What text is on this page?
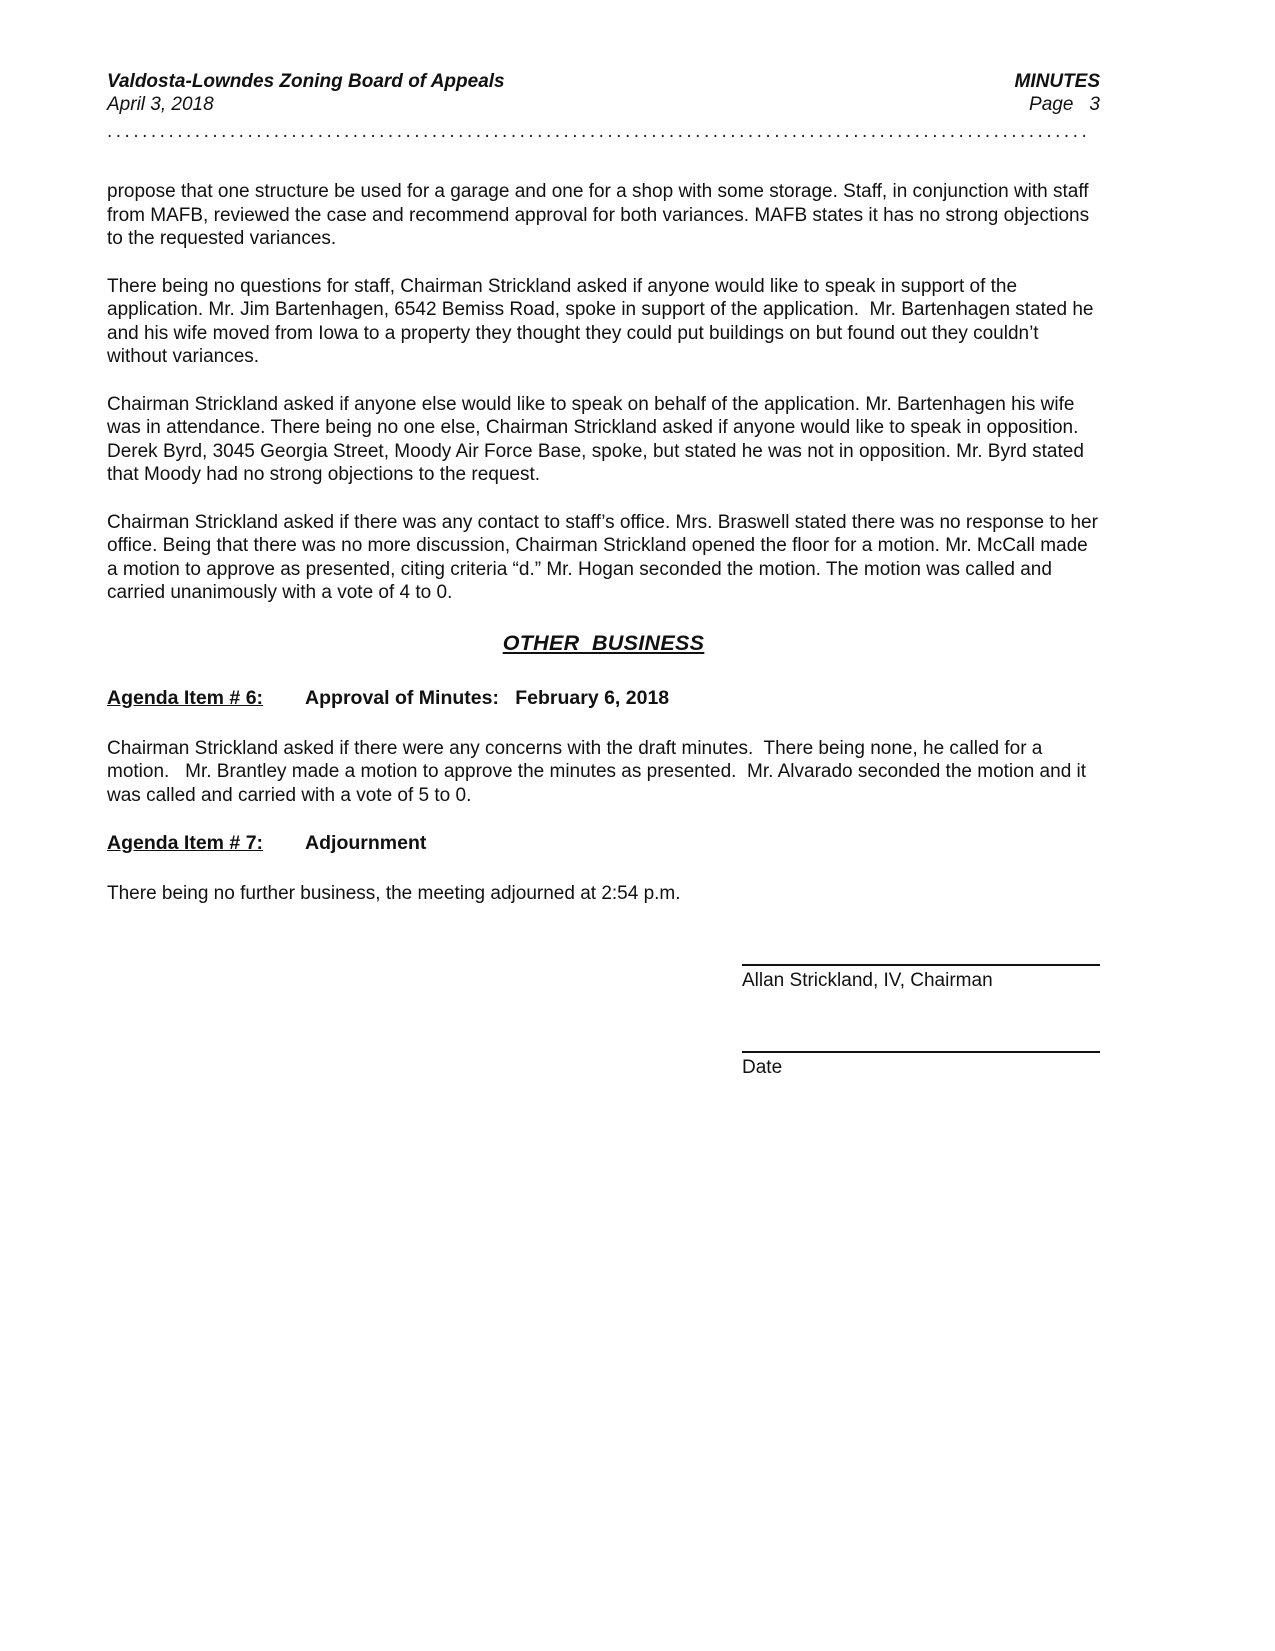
Valdosta-Lowndes Zoning Board of Appeals	MINUTES
April 3, 2018	Page 3
................................................................................................................

propose that one structure be used for a garage and one for a shop with some storage. Staff, in conjunction with staff from MAFB, reviewed the case and recommend approval for both variances. MAFB states it has no strong objections to the requested variances.

There being no questions for staff, Chairman Strickland asked if anyone would like to speak in support of the application. Mr. Jim Bartenhagen, 6542 Bemiss Road, spoke in support of the application.  Mr. Bartenhagen stated he and his wife moved from Iowa to a property they thought they could put buildings on but found out they couldn’t without variances.

Chairman Strickland asked if anyone else would like to speak on behalf of the application. Mr. Bartenhagen his wife was in attendance. There being no one else, Chairman Strickland asked if anyone would like to speak in opposition. Derek Byrd, 3045 Georgia Street, Moody Air Force Base, spoke, but stated he was not in opposition. Mr. Byrd stated that Moody had no strong objections to the request.

Chairman Strickland asked if there was any contact to staff’s office. Mrs. Braswell stated there was no response to her office. Being that there was no more discussion, Chairman Strickland opened the floor for a motion. Mr. McCall made a motion to approve as presented, citing criteria “d.” Mr. Hogan seconded the motion. The motion was called and carried unanimously with a vote of 4 to 0.

OTHER  BUSINESS
Agenda Item # 6: Approval of Minutes:   February 6, 2018

Chairman Strickland asked if there were any concerns with the draft minutes.  There being none, he called for a motion.   Mr. Brantley made a motion to approve the minutes as presented.  Mr. Alvarado seconded the motion and it was called and carried with a vote of 5 to 0.

Agenda Item # 7: Adjournment

There being no further business, the meeting adjourned at 2:54 p.m.

Allan Strickland, IV, Chairman
Date
